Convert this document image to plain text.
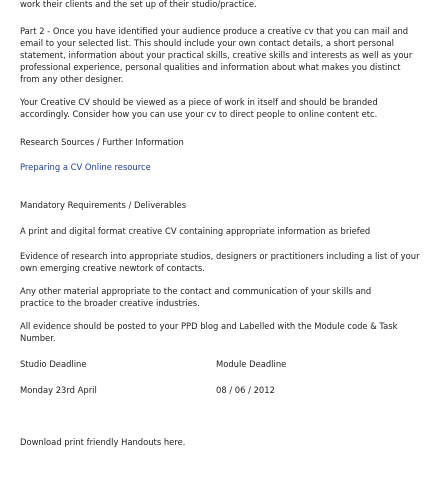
work their clients and the set up of their studio/practice.

Part 2 - Once you have identified your audience produce a creative cv that you can mail and email to your selected list. This should include your own contact details, a short personal statement, information about your practical skills, creative skills and interests as well as your professional experience, personal qualities and information about what makes you distinct from any other designer.

Your Creative CV should be viewed as a piece of work in itself and should be branded accordingly. Consider how you can use your cv to direct people to online content etc.

Research Sources / Further Information

Preparing a CV Online resource

Mandatory Requirements / Deliverables

A print and digital format creative CV containing appropriate information as briefed

Evidence of research into appropriate studios, designers or practitioners including a list of your own emerging creative newtork of contacts.

Any other material appropriate to the contact and communication of your skills and practice to the broader creative industries.

All evidence should be posted to your PPD blog and Labelled with the Module code & Task Number.

Studio Deadline	Module Deadline
Monday 23rd April	08 / 06 / 2012

Download print friendly Handouts here.
